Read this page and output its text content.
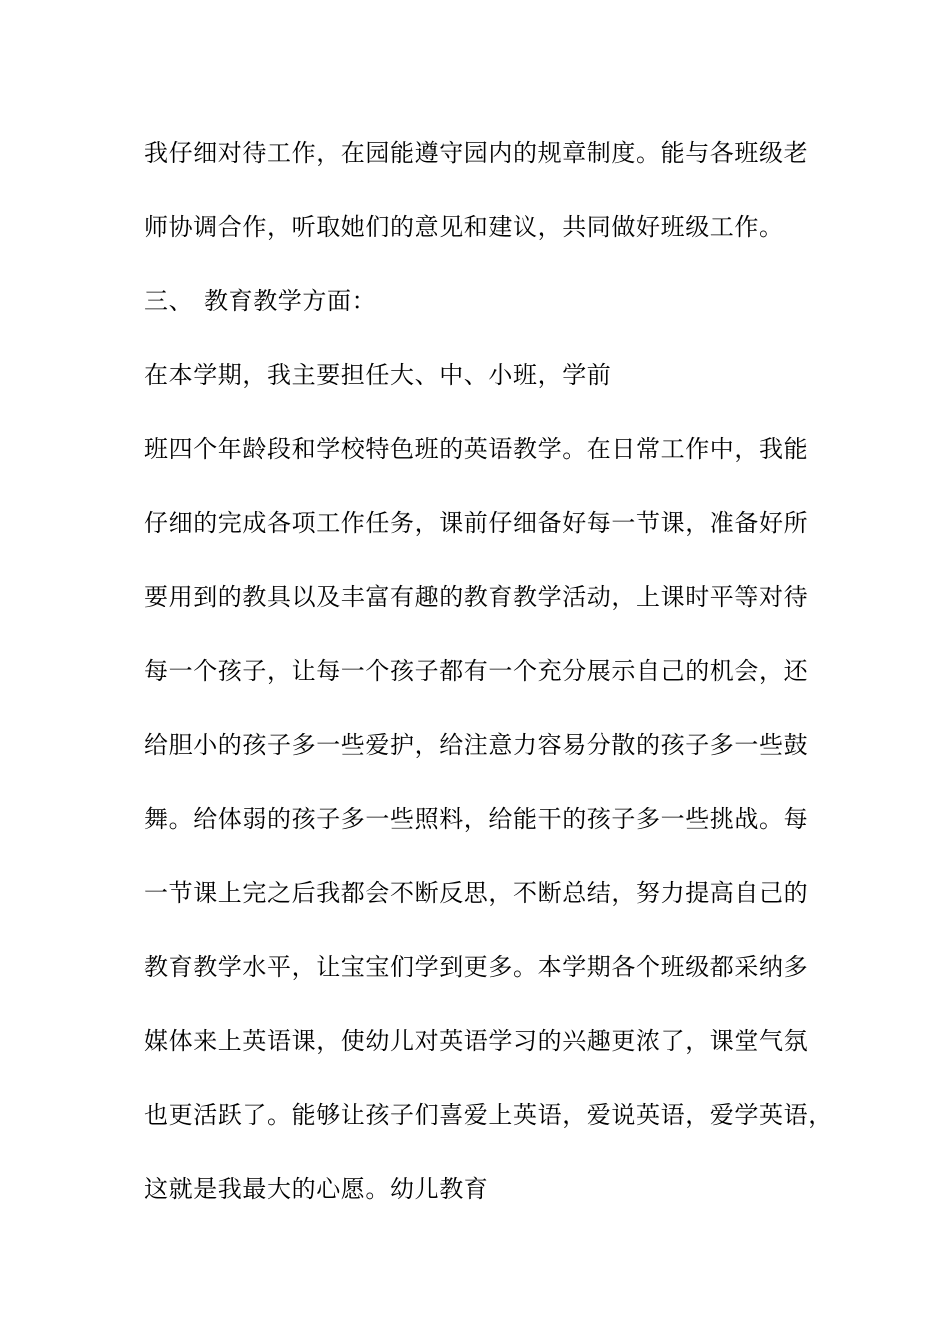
我仔细对待工作，在园能遵守园内的规章制度。能与各班级老
师协调合作，听取她们的意见和建议，共同做好班级工作。
三、 教育教学方面：
在本学期，我主要担任大、中、小班，学前
班四个年龄段和学校特色班的英语教学。在日常工作中，我能
仔细的完成各项工作任务，课前仔细备好每一节课，准备好所
要用到的教具以及丰富有趣的教育教学活动，上课时平等对待
每一个孩子，让每一个孩子都有一个充分展示自己的机会，还
给胆小的孩子多一些爱护，给注意力容易分散的孩子多一些鼓
舞。给体弱的孩子多一些照料，给能干的孩子多一些挑战。每
一节课上完之后我都会不断反思，不断总结，努力提高自己的
教育教学水平，让宝宝们学到更多。本学期各个班级都采纳多
媒体来上英语课，使幼儿对英语学习的兴趣更浓了，课堂气氛
也更活跃了。能够让孩子们喜爱上英语，爱说英语，爱学英语，
这就是我最大的心愿。幼儿教育
